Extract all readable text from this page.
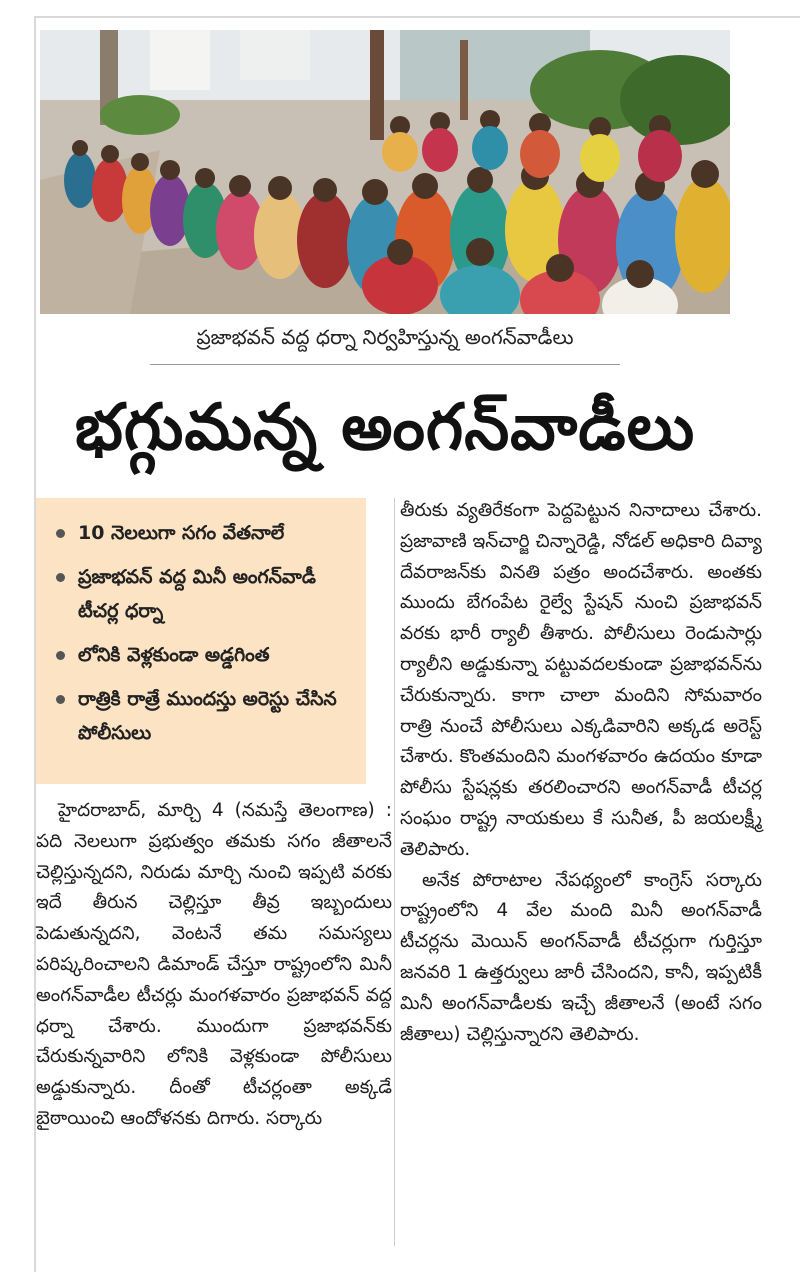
ప్రజాభవన్ వద్ద ధర్నా నిర్వహిస్తున్న అంగన్‌వాడీలు
భగ్గుమన్న అంగన్‌వాడీలు
10 నెలలుగా సగం వేతనాలే
ప్రజాభవన్ వద్ద మినీ అంగన్‌వాడీ టీచర్ల ధర్నా
లోనికి వెళ్లకుండా అడ్డగింత
రాత్రికి రాత్రే ముందస్తు అరెస్టు చేసిన పోలీసులు

హైదరాబాద్, మార్చి 4 (నమస్తే తెలంగాణ) : పది నెలలుగా ప్రభుత్వం తమకు సగం జీతాలనే చెల్లిస్తున్నదని, నిరుడు మార్చి నుంచి ఇప్పటి వరకు ఇదే తీరున చెల్లిస్తూ తీవ్ర ఇబ్బందులు పెడుతున్నదని, వెంటనే తమ సమస్యలు పరిష్కరించాలని డిమాండ్ చేస్తూ రాష్ట్రంలోని మినీ అంగన్‌వాడీల టీచర్లు మంగళవారం ప్రజాభవన్ వద్ద ధర్నా చేశారు. ముందుగా ప్రజాభవన్‌కు చేరుకున్నవారిని లోనికి వెళ్లకుండా పోలీసులు అడ్డుకున్నారు. దీంతో టీచర్లంతా అక్కడే బైఠాయించి ఆందోళనకు దిగారు. సర్కారు

తీరుకు వ్యతిరేకంగా పెద్దపెట్టున నినాదాలు చేశారు. ప్రజావాణి ఇన్‌చార్జి చిన్నారెడ్డి, నోడల్ అధికారి దివ్యా దేవరాజన్‌కు వినతి పత్రం అందచేశారు. అంతకు ముందు బేగంపేట రైల్వే స్టేషన్ నుంచి ప్రజాభవన్ వరకు భారీ ర్యాలీ తీశారు. పోలీసులు రెండుసార్లు ర్యాలీని అడ్డుకున్నా పట్టువదలకుండా ప్రజాభవన్‌ను చేరుకున్నారు. కాగా చాలా మందిని సోమవారం రాత్రి నుంచే పోలీసులు ఎక్కడివారిని అక్కడ అరెస్ట్ చేశారు. కొంతమందిని మంగళవారం ఉదయం కూడా పోలీసు స్టేషన్లకు తరలించారని అంగన్‌వాడీ టీచర్ల సంఘం రాష్ట్ర నాయకులు కే సునీత, పీ జయలక్ష్మీ తెలిపారు.

అనేక పోరాటాల నేపథ్యంలో కాంగ్రెస్ సర్కారు రాష్ట్రంలోని 4 వేల మంది మినీ అంగన్‌వాడీ టీచర్లను మెయిన్ అంగన్‌వాడీ టీచర్లుగా గుర్తిస్తూ జనవరి 1 ఉత్తర్వులు జారీ చేసిందని, కానీ, ఇప్పటికీ మినీ అంగన్‌వాడీలకు ఇచ్చే జీతాలనే (అంటే సగం జీతాలు) చెల్లిస్తున్నారని తెలిపారు.
